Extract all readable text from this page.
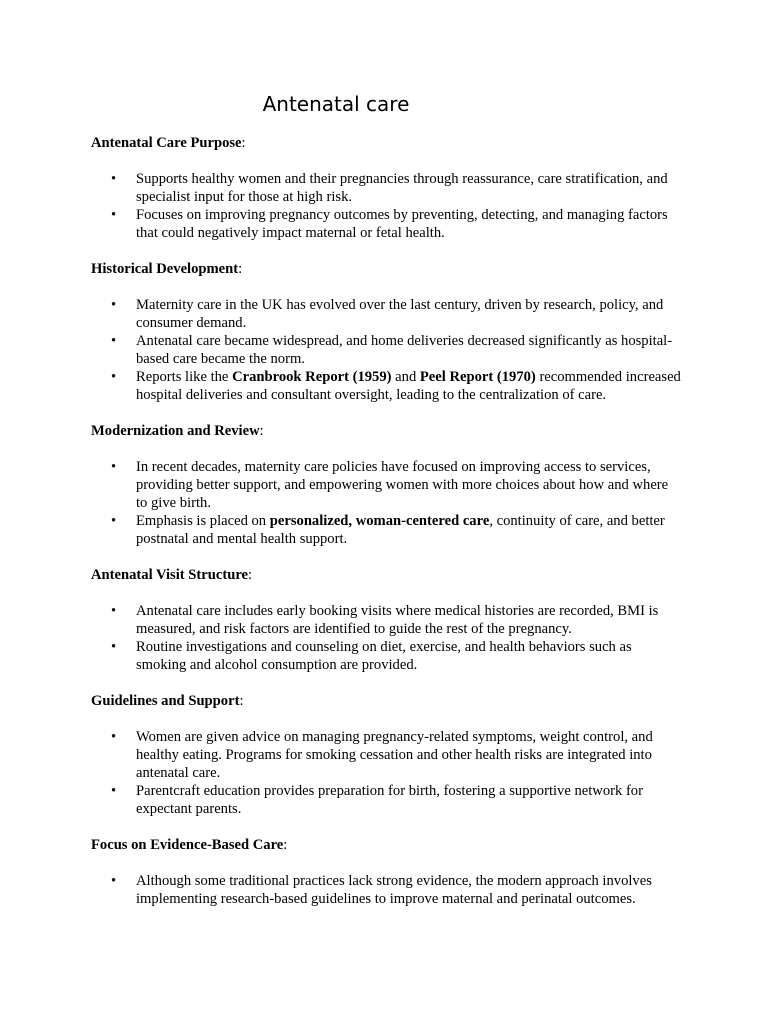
Antenatal care

Antenatal Care Purpose:

• Supports healthy women and their pregnancies through reassurance, care stratification, and specialist input for those at high risk.
• Focuses on improving pregnancy outcomes by preventing, detecting, and managing factors that could negatively impact maternal or fetal health.

Historical Development:

• Maternity care in the UK has evolved over the last century, driven by research, policy, and consumer demand.
• Antenatal care became widespread, and home deliveries decreased significantly as hospital-based care became the norm.
• Reports like the Cranbrook Report (1959) and Peel Report (1970) recommended increased hospital deliveries and consultant oversight, leading to the centralization of care.

Modernization and Review:

• In recent decades, maternity care policies have focused on improving access to services, providing better support, and empowering women with more choices about how and where to give birth.
• Emphasis is placed on personalized, woman-centered care, continuity of care, and better postnatal and mental health support.

Antenatal Visit Structure:

• Antenatal care includes early booking visits where medical histories are recorded, BMI is measured, and risk factors are identified to guide the rest of the pregnancy.
• Routine investigations and counseling on diet, exercise, and health behaviors such as smoking and alcohol consumption are provided.

Guidelines and Support:

• Women are given advice on managing pregnancy-related symptoms, weight control, and healthy eating. Programs for smoking cessation and other health risks are integrated into antenatal care.
• Parentcraft education provides preparation for birth, fostering a supportive network for expectant parents.

Focus on Evidence-Based Care:

• Although some traditional practices lack strong evidence, the modern approach involves implementing research-based guidelines to improve maternal and perinatal outcomes.
